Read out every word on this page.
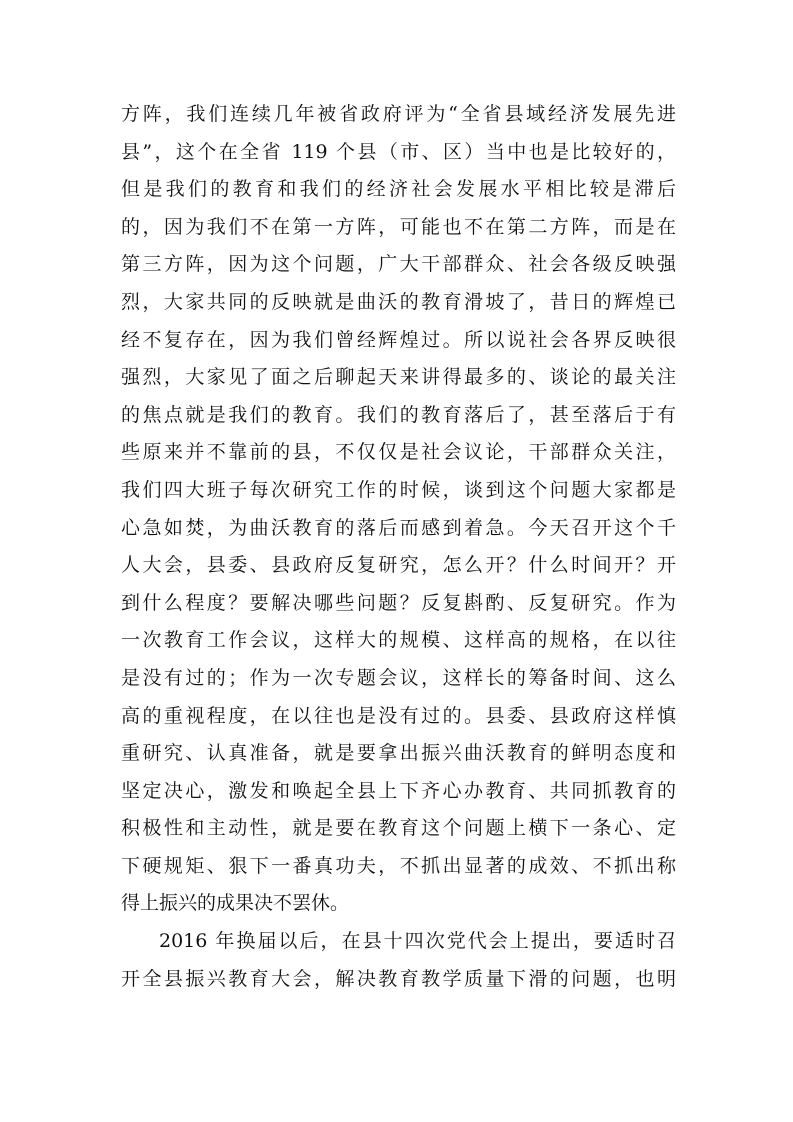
方阵，我们连续几年被省政府评为“全省县域经济发展先进
县”，这个在全省 119 个县（市、区）当中也是比较好的，
但是我们的教育和我们的经济社会发展水平相比较是滞后
的，因为我们不在第一方阵，可能也不在第二方阵，而是在
第三方阵，因为这个问题，广大干部群众、社会各级反映强
烈，大家共同的反映就是曲沃的教育滑坡了，昔日的辉煌已
经不复存在，因为我们曾经辉煌过。所以说社会各界反映很
强烈，大家见了面之后聊起天来讲得最多的、谈论的最关注
的焦点就是我们的教育。我们的教育落后了，甚至落后于有
些原来并不靠前的县，不仅仅是社会议论，干部群众关注，
我们四大班子每次研究工作的时候，谈到这个问题大家都是
心急如焚，为曲沃教育的落后而感到着急。今天召开这个千
人大会，县委、县政府反复研究，怎么开？什么时间开？开
到什么程度？要解决哪些问题？反复斟酌、反复研究。作为
一次教育工作会议，这样大的规模、这样高的规格，在以往
是没有过的；作为一次专题会议，这样长的筹备时间、这么
高的重视程度，在以往也是没有过的。县委、县政府这样慎
重研究、认真准备，就是要拿出振兴曲沃教育的鲜明态度和
坚定决心，激发和唤起全县上下齐心办教育、共同抓教育的
积极性和主动性，就是要在教育这个问题上横下一条心、定
下硬规矩、狠下一番真功夫，不抓出显著的成效、不抓出称
得上振兴的成果决不罢休。
2016 年换届以后，在县十四次党代会上提出，要适时召
开全县振兴教育大会，解决教育教学质量下滑的问题，也明
